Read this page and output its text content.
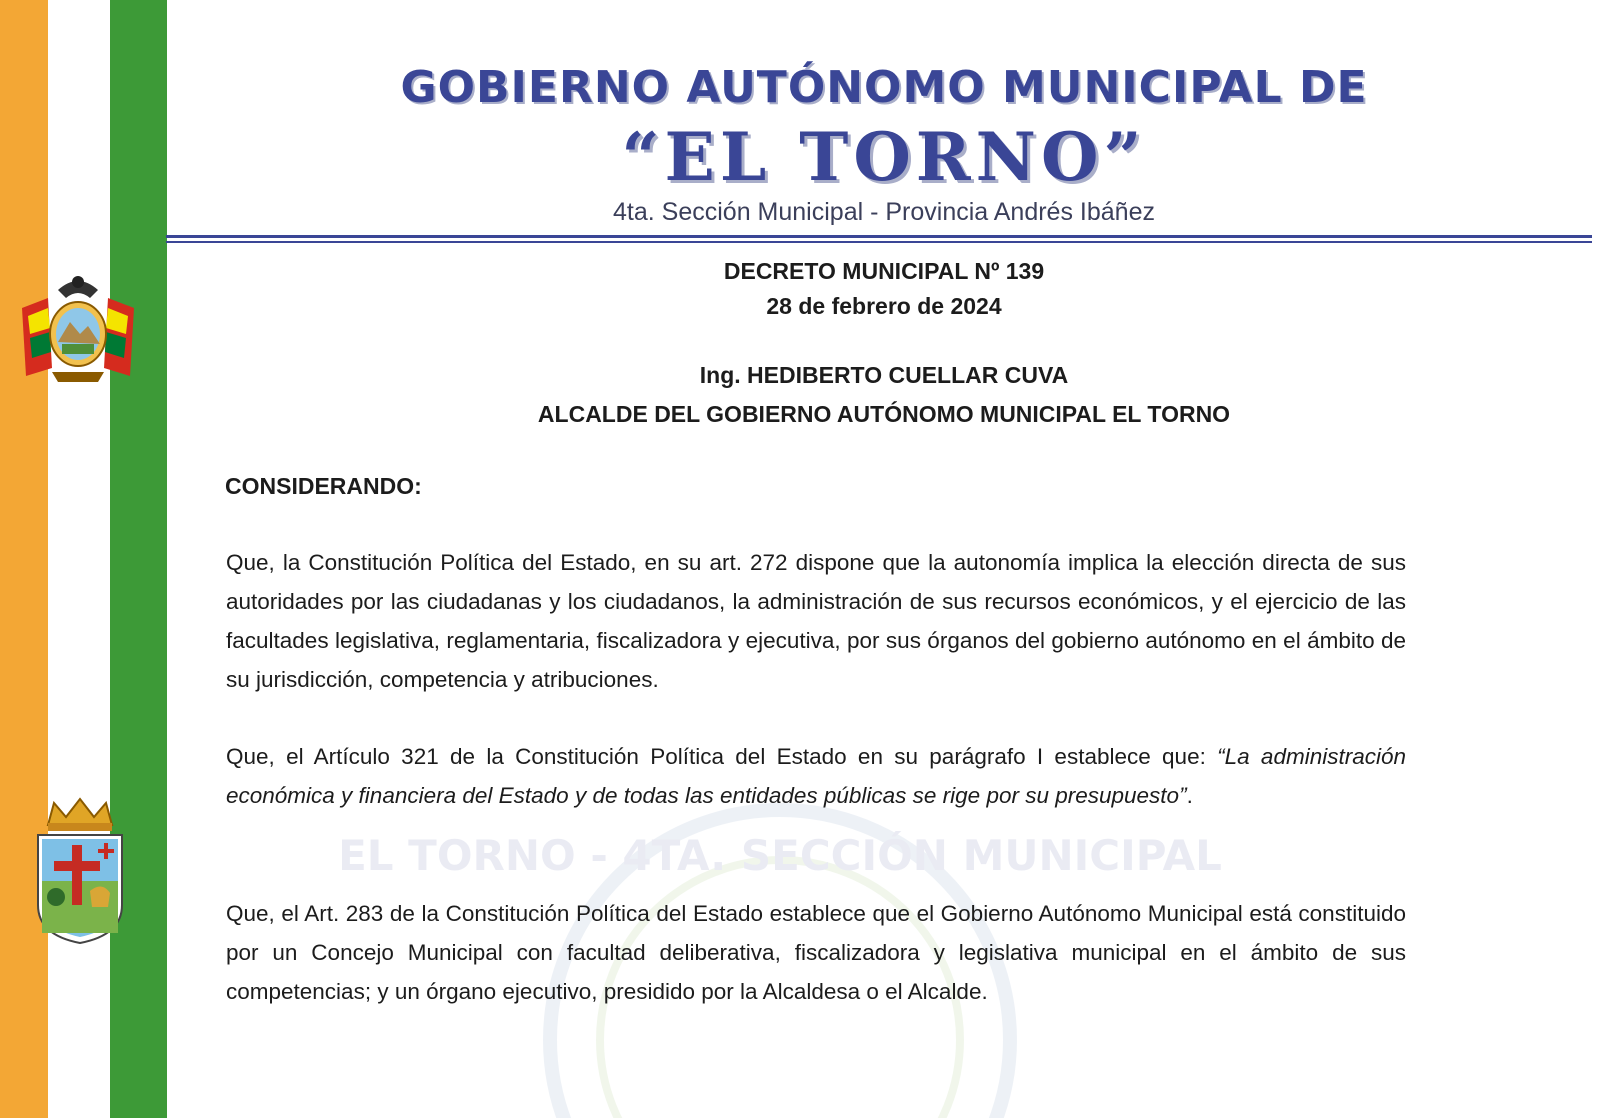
EL TORNO - 4TA. SECCIÓN MUNICIPAL
GOBIERNO AUTÓNOMO MUNICIPAL DE
“EL TORNO”
4ta. Sección Municipal - Provincia Andrés Ibáñez
DECRETO MUNICIPAL Nº 139
28 de febrero de 2024
Ing. HEDIBERTO CUELLAR CUVA
ALCALDE DEL GOBIERNO AUTÓNOMO MUNICIPAL EL TORNO
CONSIDERANDO:
Que, la Constitución Política del Estado, en su art. 272 dispone que la autonomía implica la elección directa de sus autoridades por las ciudadanas y los ciudadanos, la administración de sus recursos económicos, y el ejercicio de las facultades legislativa, reglamentaria, fiscalizadora y ejecutiva, por sus órganos del gobierno autónomo en el ámbito de su jurisdicción, competencia y atribuciones.
Que, el Artículo 321 de la Constitución Política del Estado en su parágrafo I establece que: “La administración económica y financiera del Estado y de todas las entidades públicas se rige por su presupuesto”.
Que, el Art. 283 de la Constitución Política del Estado establece que el Gobierno Autónomo Municipal está constituido por un Concejo Municipal con facultad deliberativa, fiscalizadora y legislativa municipal en el ámbito de sus competencias; y un órgano ejecutivo, presidido por la Alcaldesa o el Alcalde.
